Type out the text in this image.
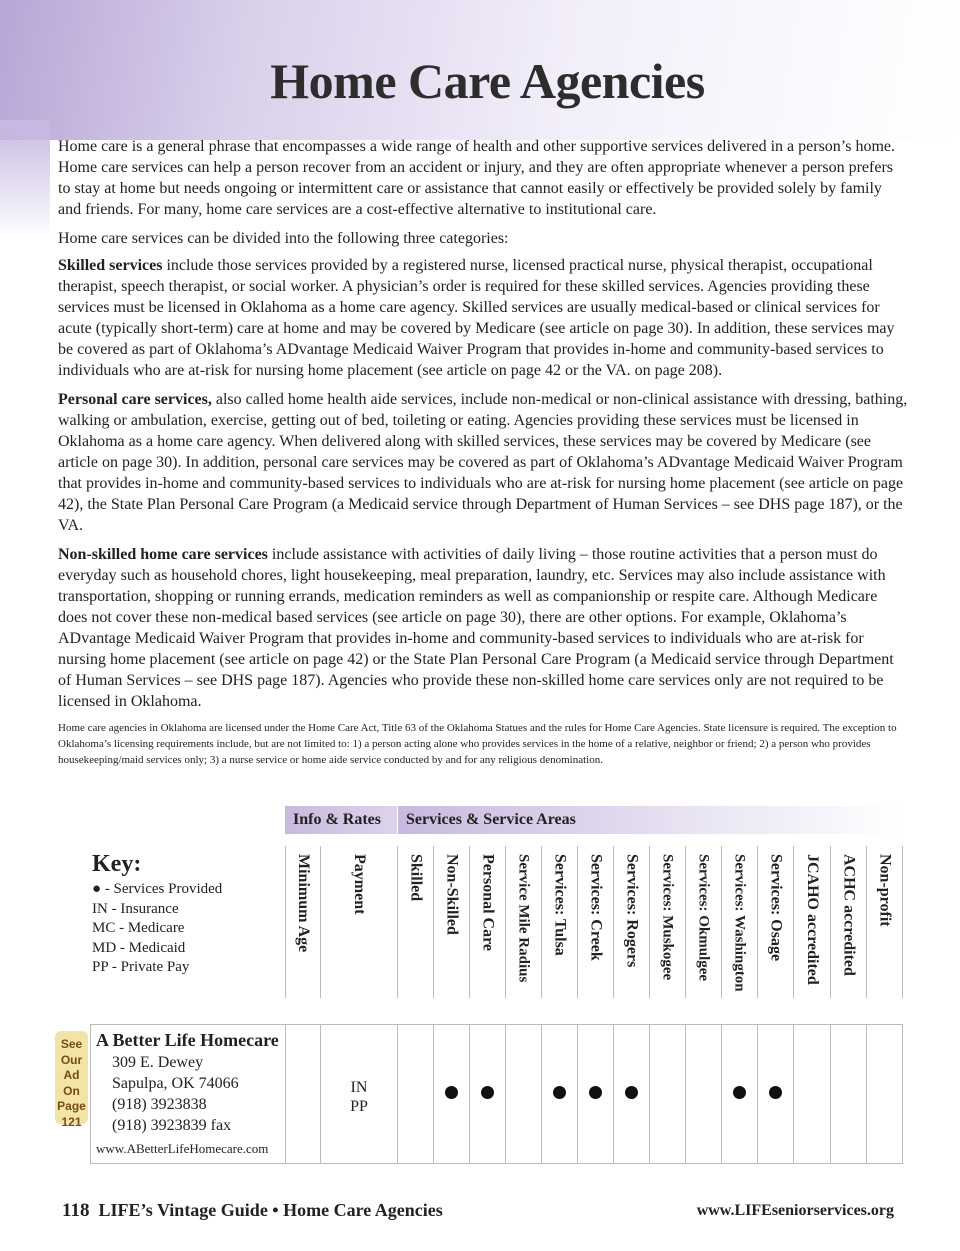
Home Care Agencies

Home care is a general phrase that encompasses a wide range of health and other supportive services delivered in a person’s home. Home care services can help a person recover from an accident or injury, and they are often appropriate whenever a person prefers to stay at home but needs ongoing or intermittent care or assistance that cannot easily or effectively be provided solely by family and friends. For many, home care services are a cost-effective alternative to institutional care.

Home care services can be divided into the following three categories:

Skilled services include those services provided by a registered nurse, licensed practical nurse, physical therapist, occupational therapist, speech therapist, or social worker. A physician’s order is required for these skilled services. Agencies providing these services must be licensed in Oklahoma as a home care agency. Skilled services are usually medical-based or clinical services for acute (typically short-term) care at home and may be covered by Medicare (see article on page 30). In addition, these services may be covered as part of Oklahoma’s ADvantage Medicaid Waiver Program that provides in-home and community-based services to individuals who are at-risk for nursing home placement (see article on page 42 or the VA. on page 208).

Personal care services, also called home health aide services, include non-medical or non-clinical assistance with dressing, bathing, walking or ambulation, exercise, getting out of bed, toileting or eating. Agencies providing these services must be licensed in Oklahoma as a home care agency. When delivered along with skilled services, these services may be covered by Medicare (see article on page 30). In addition, personal care services may be covered as part of Oklahoma’s ADvantage Medicaid Waiver Program that provides in-home and community-based services to individuals who are at-risk for nursing home placement (see article on page 42), the State Plan Personal Care Program (a Medicaid service through Department of Human Services – see DHS page 187), or the VA.

Non-skilled home care services include assistance with activities of daily living – those routine activities that a person must do everyday such as household chores, light housekeeping, meal preparation, laundry, etc. Services may also include assistance with transportation, shopping or running errands, medication reminders as well as companionship or respite care. Although Medicare does not cover these non-medical based services (see article on page 30), there are other options. For example, Oklahoma’s ADvantage Medicaid Waiver Program that provides in-home and community-based services to individuals who are at-risk for nursing home placement (see article on page 42) or the State Plan Personal Care Program (a Medicaid service through Department of Human Services – see DHS page 187). Agencies who provide these non-skilled home care services only are not required to be licensed in Oklahoma.

Home care agencies in Oklahoma are licensed under the Home Care Act, Title 63 of the Oklahoma Statues and the rules for Home Care Agencies. State licensure is required. The exception to Oklahoma’s licensing requirements include, but are not limited to: 1) a person acting alone who provides services in the home of a relative, neighbor or friend; 2) a person who provides housekeeping/maid services only; 3) a nurse service or home aide service conducted by and for any religious denomination.

Info & Rates	Services & Service Areas
Key:
● - Services Provided
IN - Insurance
MC - Medicare
MD - Medicaid
PP - Private Pay
Minimum Age Payment Skilled Non-Skilled Personal Care Service Mile Radius Services: Tulsa Services: Creek Services: Rogers Services: Muskogee Services: Okmulgee Services: Washington Services: Osage JCAHO accredited ACHC accredited Non-profit
IN
PP
See
Our
Ad On
Page
121
A Better Life Homecare
309 E. Dewey
Sapulpa, OK 74066
(918) 3923838
(918) 3923839 fax
www.ABetterLifeHomecare.com
118 LIFE’s Vintage Guide • Home Care Agencies	www.LIFEseniorservices.org
